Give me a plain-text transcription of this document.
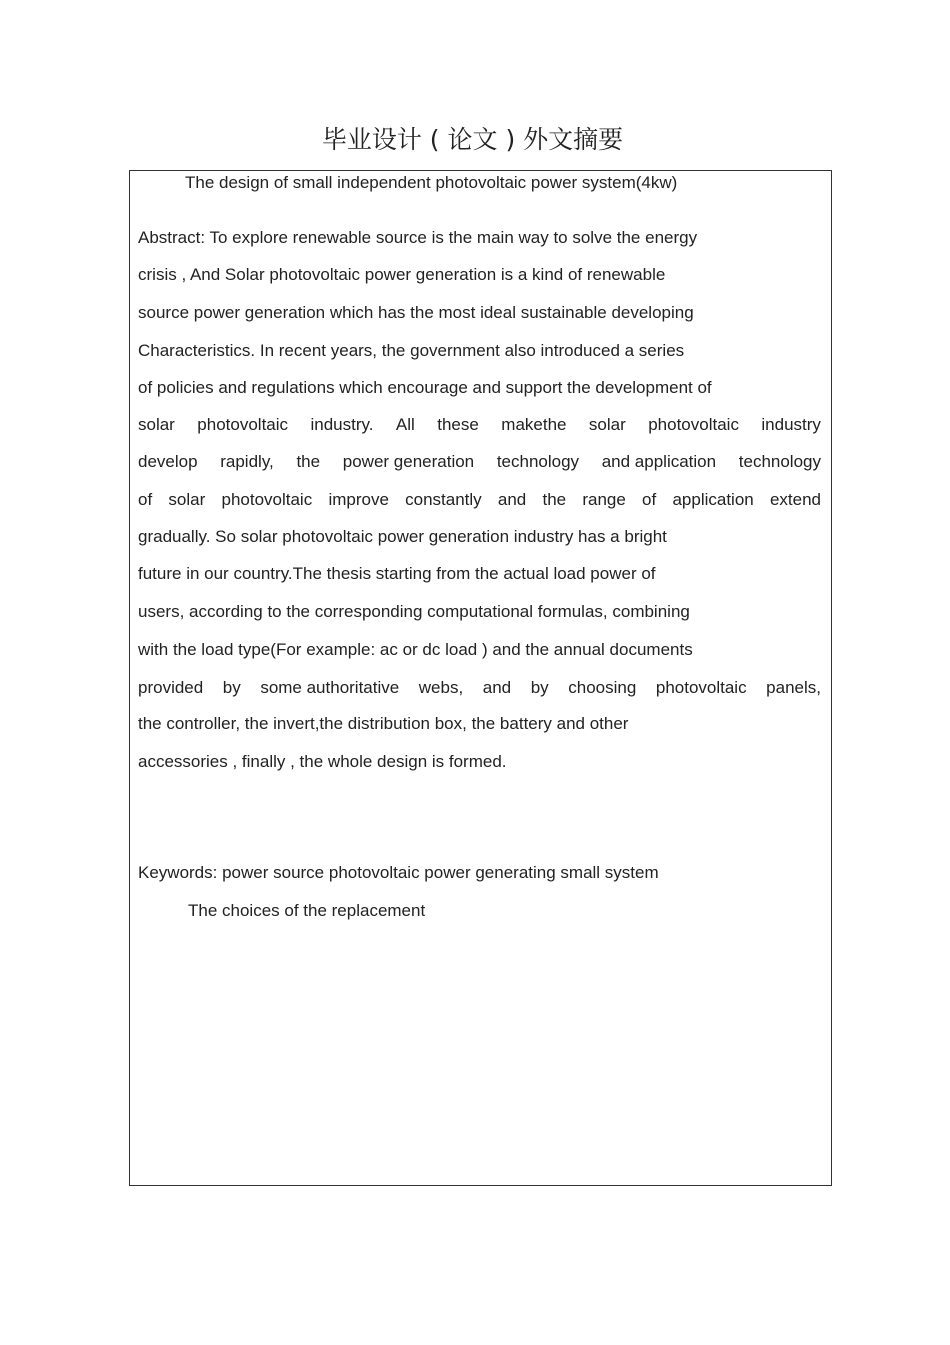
毕业设计 ( 论文 ) 外文摘要
The design of small independent photovoltaic power system(4kw)
Abstract: To explore renewable source is the main way to solve the energy
crisis , And Solar photovoltaic power generation is a kind of renewable
source power generation which has the most ideal sustainable developing
Characteristics. In recent years, the government also introduced a series
of policies and regulations which encourage and support the development of
solar photovoltaic industry. All these makethe solar photovoltaic industry
develop rapidly, the power generation technology and application technology
of solar photovoltaic improve constantly and the range of application extend
gradually. So solar photovoltaic power generation industry has a bright
future in our country.The thesis starting from the actual load power of
users, according to the corresponding computational formulas, combining
with the load type(For example: ac or dc load ) and the annual documents
provided by some authoritative webs, and by choosing photovoltaic panels,
the controller, the invert,the distribution box, the battery and other
accessories , finally , the whole design is formed.
Keywords: power source photovoltaic power generating small system
The choices of the replacement
